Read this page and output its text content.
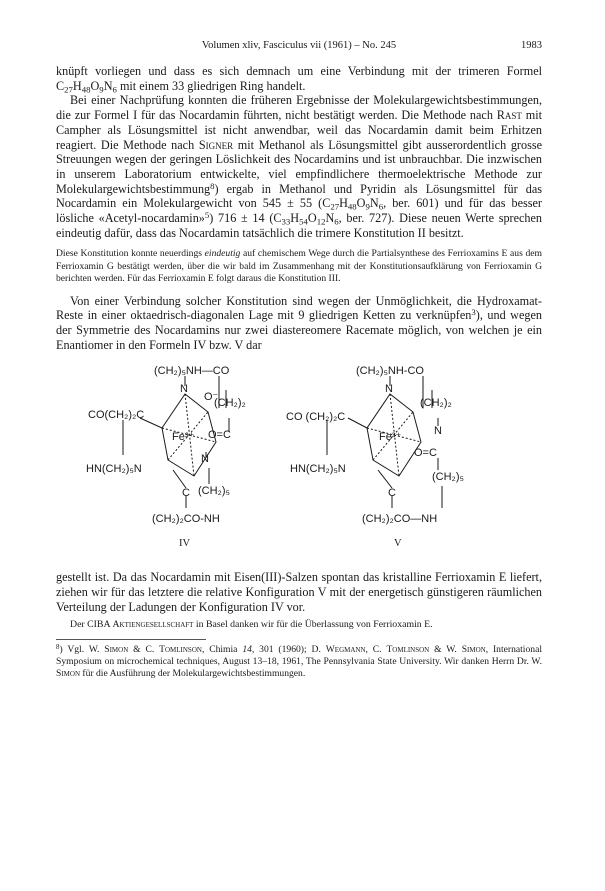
Volumen xliv, Fasciculus vii (1961) – No. 245	1983

knüpft vorliegen und dass es sich demnach um eine Verbindung mit der trimeren Formel $C_{27}H_{48}O_9N_6$ mit einem 33 gliedrigen Ring handelt.

Bei einer Nachprüfung konnten die früheren Ergebnisse der Molekulargewichtsbestimmungen, die zur Formel I für das Nocardamin führten, nicht bestätigt werden. Die Methode nach Rast mit Campher als Lösungsmittel ist nicht anwendbar, weil das Nocardamin damit beim Erhitzen reagiert. Die Methode nach Signer mit Methanol als Lösungsmittel gibt ausserordentlich grosse Streuungen wegen der geringen Löslichkeit des Nocardamins und ist unbrauchbar. Die inzwischen in unserem Laboratorium entwickelte, viel empfindlichere thermoelektrische Methode zur Molekulargewichtsbestimmung$^8$) ergab in Methanol und Pyridin als Lösungsmittel für das Nocardamin ein Molekulargewicht von 545 ± 55 ($C_{27}H_{48}O_9N_6$, ber. 601) und für das besser lösliche «Acetyl-nocardamin»$^5$) 716 ± 14 ($C_{33}H_{54}O_{12}N_6$, ber. 727). Diese neuen Werte sprechen eindeutig dafür, dass das Nocardamin tatsächlich die trimere Konstitution II besitzt.

Diese Konstitution konnte neuerdings eindeutig auf chemischem Wege durch die Partialsynthese des Ferrioxamins E aus dem Ferrioxamin G bestätigt werden, über die wir bald im Zusammenhang mit der Konstitutionsaufklärung von Ferrioxamin G berichten werden. Für das Ferrioxamin E folgt daraus die Konstitution III.

Von einer Verbindung solcher Konstitution sind wegen der Unmöglichkeit, die Hydroxamat-Reste in einer oktaedrisch-diagonalen Lage mit 9 gliedrigen Ketten zu verknüpfen$^3$), und wegen der Symmetrie des Nocardamins nur zwei diastereomere Racemate möglich, von welchen je ein Enantiomer in den Formeln IV bzw. V dar

(CH₂)₅NH—CO
N
O⁻
(CH₂)₂
CO(CH₂)₂C
Fe³⁺ O=C
N
HN(CH₂)₅N
C (CH₂)₅
(CH₂)₂CO-NH
IV
(CH₂)₅NH-CO
N
(CH₂)₂
CO (CH₂)₂C
Fe³⁺	N
O=C
HN(CH₂)₅N
(CH₂)₅
C
(CH₂)₂CO—NH
V

gestellt ist. Da das Nocardamin mit Eisen(III)-Salzen spontan das kristalline Ferrioxamin E liefert, ziehen wir für das letztere die relative Konfiguration V mit der energetisch günstigeren räumlichen Verteilung der Ladungen der Konfiguration IV vor.

Der CIBA Aktiengesellschaft in Basel danken wir für die Überlassung von Ferrioxamin E.

$^8$) Vgl. W. Simon & C. Tomlinson, Chimia 14, 301 (1960); D. Wegmann, C. Tomlinson & W. Simon, International Symposium on microchemical techniques, August 13–18, 1961, The Pennsylvania State University. Wir danken Herrn Dr. W. Simon für die Ausführung der Molekulargewichtsbestimmungen.
